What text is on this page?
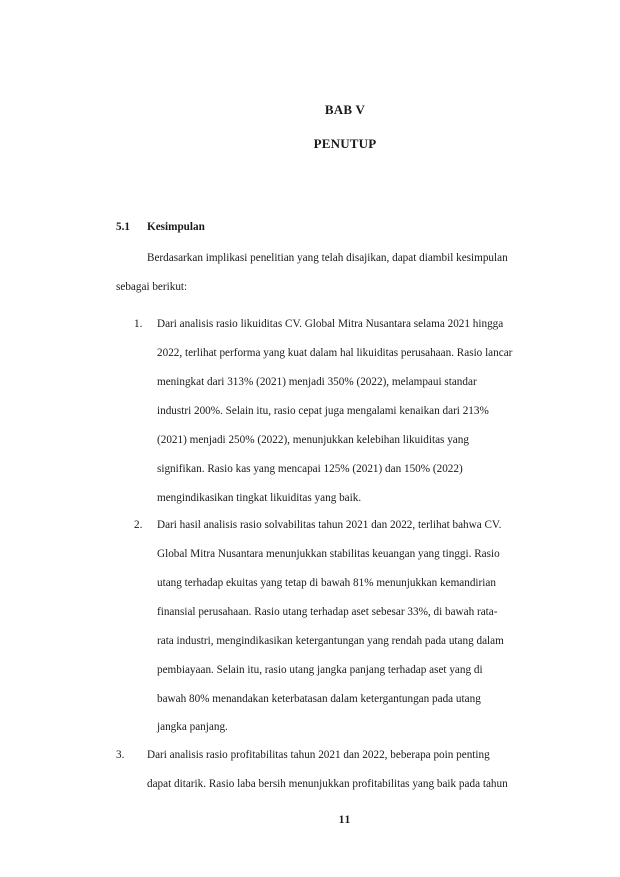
BAB V
PENUTUP
5.1 Kesimpulan
Berdasarkan implikasi penelitian yang telah disajikan, dapat diambil kesimpulan
sebagai berikut:
1. Dari analisis rasio likuiditas CV. Global Mitra Nusantara selama 2021 hingga
2022, terlihat performa yang kuat dalam hal likuiditas perusahaan. Rasio lancar
meningkat dari 313% (2021) menjadi 350% (2022), melampaui standar
industri 200%. Selain itu, rasio cepat juga mengalami kenaikan dari 213%
(2021) menjadi 250% (2022), menunjukkan kelebihan likuiditas yang
signifikan. Rasio kas yang mencapai 125% (2021) dan 150% (2022)
mengindikasikan tingkat likuiditas yang baik.
2. Dari hasil analisis rasio solvabilitas tahun 2021 dan 2022, terlihat bahwa CV.
Global Mitra Nusantara menunjukkan stabilitas keuangan yang tinggi. Rasio
utang terhadap ekuitas yang tetap di bawah 81% menunjukkan kemandirian
finansial perusahaan. Rasio utang terhadap aset sebesar 33%, di bawah rata-
rata industri, mengindikasikan ketergantungan yang rendah pada utang dalam
pembiayaan. Selain itu, rasio utang jangka panjang terhadap aset yang di
bawah 80% menandakan keterbatasan dalam ketergantungan pada utang
jangka panjang.
3. Dari analisis rasio profitabilitas tahun 2021 dan 2022, beberapa poin penting
dapat ditarik. Rasio laba bersih menunjukkan profitabilitas yang baik pada tahun
11
